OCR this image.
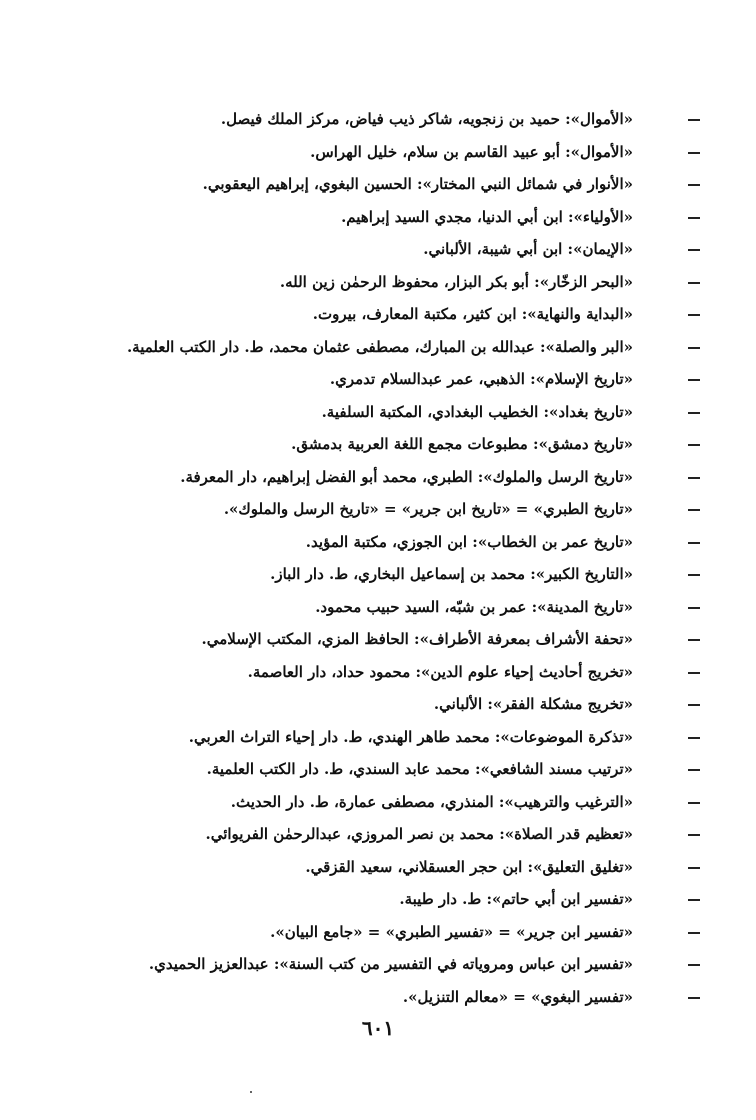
«الأموال»: حميد بن زنجويه، شاكر ذيب فياض، مركز الملك فيصل.
«الأموال»: أبو عبيد القاسم بن سلام، خليل الهراس.
«الأنوار في شمائل النبي المختار»: الحسين البغوي، إبراهيم اليعقوبي.
«الأولياء»: ابن أبي الدنيا، مجدي السيد إبراهيم.
«الإيمان»: ابن أبي شيبة، الألباني.
«البحر الزخّار»: أبو بكر البزار، محفوظ الرحمٰن زين الله.
«البداية والنهاية»: ابن كثير، مكتبة المعارف، بيروت.
«البر والصلة»: عبدالله بن المبارك، مصطفى عثمان محمد، ط. دار الكتب العلمية.
«تاريخ الإسلام»: الذهبي، عمر عبدالسلام تدمري.
«تاريخ بغداد»: الخطيب البغدادي، المكتبة السلفية.
«تاريخ دمشق»: مطبوعات مجمع اللغة العربية بدمشق.
«تاريخ الرسل والملوك»: الطبري، محمد أبو الفضل إبراهيم، دار المعرفة.
«تاريخ الطبري» = «تاريخ ابن جرير» = «تاريخ الرسل والملوك».
«تاريخ عمر بن الخطاب»: ابن الجوزي، مكتبة المؤيد.
«التاريخ الكبير»: محمد بن إسماعيل البخاري، ط. دار الباز.
«تاريخ المدينة»: عمر بن شبّه، السيد حبيب محمود.
«تحفة الأشراف بمعرفة الأطراف»: الحافظ المزي، المكتب الإسلامي.
«تخريج أحاديث إحياء علوم الدين»: محمود حداد، دار العاصمة.
«تخريج مشكلة الفقر»: الألباني.
«تذكرة الموضوعات»: محمد طاهر الهندي، ط. دار إحياء التراث العربي.
«ترتيب مسند الشافعي»: محمد عابد السندي، ط. دار الكتب العلمية.
«الترغيب والترهيب»: المنذري، مصطفى عمارة، ط. دار الحديث.
«تعظيم قدر الصلاة»: محمد بن نصر المروزي، عبدالرحمٰن الفريوائي.
«تغليق التعليق»: ابن حجر العسقلاني، سعيد القزقي.
«تفسير ابن أبي حاتم»: ط. دار طيبة.
«تفسير ابن جرير» = «تفسير الطبري» = «جامع البيان».
«تفسير ابن عباس ومروياته في التفسير من كتب السنة»: عبدالعزيز الحميدي.
«تفسير البغوي» = «معالم التنزيل».
٦٠١
